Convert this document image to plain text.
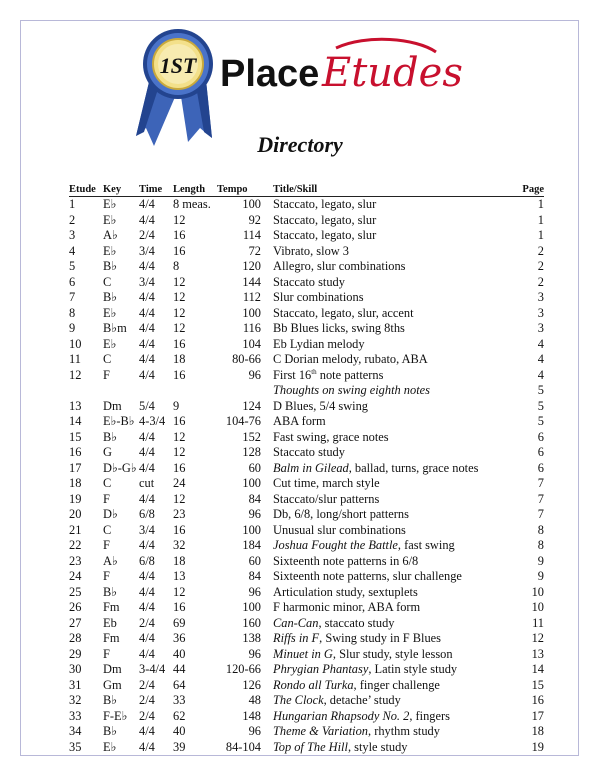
1ST Place Etudes
Directory
Etude	Key	Time	Length	Tempo	Title/Skill	Page
1	E♭	4/4	8 meas.	100	Staccato, legato, slur	1
2	E♭	4/4	12	92	Staccato, legato, slur	1
3	A♭	2/4	16	114	Staccato, legato, slur	1
4	E♭	3/4	16	72	Vibrato, slow 3	2
5	B♭	4/4	8	120	Allegro, slur combinations	2
6	C	3/4	12	144	Staccato study	2
7	B♭	4/4	12	112	Slur combinations	3
8	E♭	4/4	12	100	Staccato, legato, slur, accent	3
9	B♭m	4/4	12	116	Bb Blues licks, swing 8ths	3
10	E♭	4/4	16	104	Eb Lydian melody	4
11	C	4/4	18	80-66	C Dorian melody, rubato, ABA	4
12	F	4/4	16	96	First 16th note patterns	4
					Thoughts on swing eighth notes	5
13	Dm	5/4	9	124	D Blues, 5/4 swing	5
14	E♭-B♭	4-3/4	16	104-76	ABA form	5
15	B♭	4/4	12	152	Fast swing, grace notes	6
16	G	4/4	12	128	Staccato study	6
17	D♭-G♭	4/4	16	60	Balm in Gilead, ballad, turns, grace notes	6
18	C	cut	24	100	Cut time, march style	7
19	F	4/4	12	84	Staccato/slur patterns	7
20	D♭	6/8	23	96	Db, 6/8, long/short patterns	7
21	C	3/4	16	100	Unusual slur combinations	8
22	F	4/4	32	184	Joshua Fought the Battle, fast swing	8
23	A♭	6/8	18	60	Sixteenth note patterns in 6/8	9
24	F	4/4	13	84	Sixteenth note patterns, slur challenge	9
25	B♭	4/4	12	96	Articulation study, sextuplets	10
26	Fm	4/4	16	100	F harmonic minor, ABA form	10
27	Eb	2/4	69	160	Can-Can, staccato study	11
28	Fm	4/4	36	138	Riffs in F, Swing study in F Blues	12
29	F	4/4	40	96	Minuet in G, Slur study, style lesson	13
30	Dm	3-4/4	44	120-66	Phrygian Phantasy, Latin style study	14
31	Gm	2/4	64	126	Rondo all Turka, finger challenge	15
32	B♭	2/4	33	48	The Clock, detache’ study	16
33	F-E♭	2/4	62	148	Hungarian Rhapsody No. 2, fingers	17
34	B♭	4/4	40	96	Theme & Variation, rhythm study	18
35	E♭	4/4	39	84-104	Top of The Hill, style study	19
